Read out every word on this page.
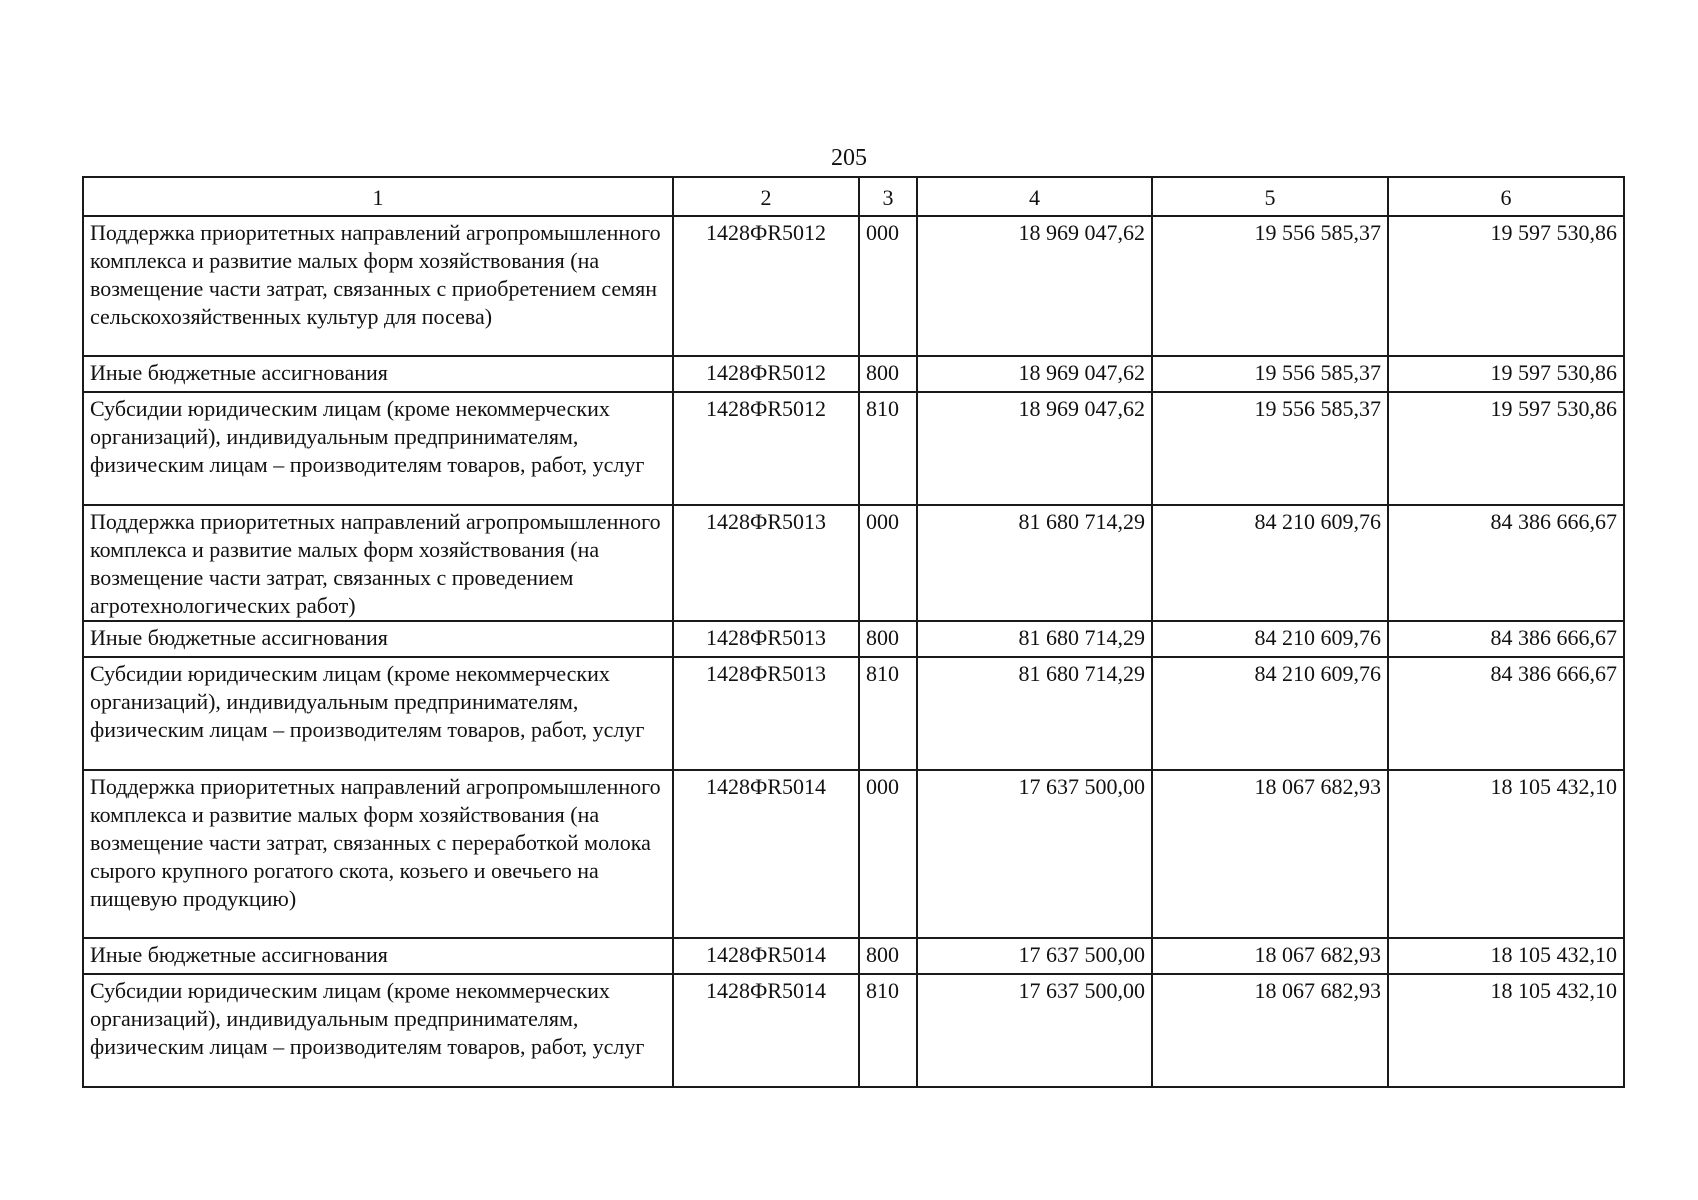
205
1	2	3	4	5	6
Поддержка приоритетных направлений агропромышленного комплекса и развитие малых форм хозяйствования (на возмещение части затрат, связанных с приобретением семян сельскохозяйственных культур для посева)	1428ФR5012	000	18 969 047,62	19 556 585,37	19 597 530,86
Иные бюджетные ассигнования	1428ФR5012	800	18 969 047,62	19 556 585,37	19 597 530,86
Субсидии юридическим лицам (кроме некоммерческих организаций), индивидуальным предпринимателям, физическим лицам – производителям товаров, работ, услуг	1428ФR5012	810	18 969 047,62	19 556 585,37	19 597 530,86
Поддержка приоритетных направлений агропромышленного комплекса и развитие малых форм хозяйствования (на возмещение части затрат, связанных с проведением агротехнологических работ)	1428ФR5013	000	81 680 714,29	84 210 609,76	84 386 666,67
Иные бюджетные ассигнования	1428ФR5013	800	81 680 714,29	84 210 609,76	84 386 666,67
Субсидии юридическим лицам (кроме некоммерческих организаций), индивидуальным предпринимателям, физическим лицам – производителям товаров, работ, услуг	1428ФR5013	810	81 680 714,29	84 210 609,76	84 386 666,67
Поддержка приоритетных направлений агропромышленного комплекса и развитие малых форм хозяйствования (на возмещение части затрат, связанных с переработкой молока сырого крупного рогатого скота, козьего и овечьего на пищевую продукцию)	1428ФR5014	000	17 637 500,00	18 067 682,93	18 105 432,10
Иные бюджетные ассигнования	1428ФR5014	800	17 637 500,00	18 067 682,93	18 105 432,10
Субсидии юридическим лицам (кроме некоммерческих организаций), индивидуальным предпринимателям, физическим лицам – производителям товаров, работ, услуг	1428ФR5014	810	17 637 500,00	18 067 682,93	18 105 432,10
